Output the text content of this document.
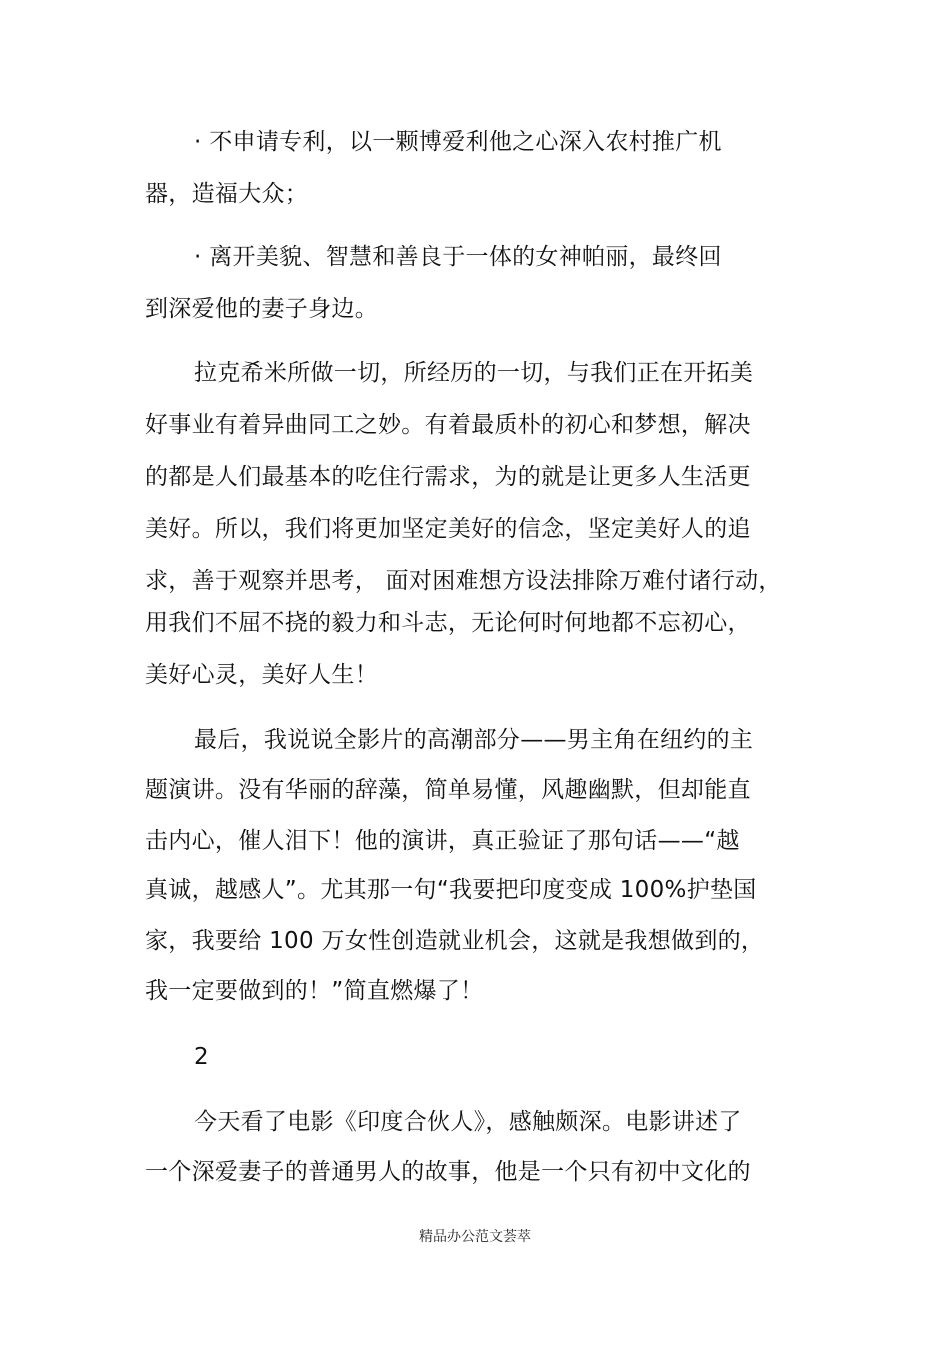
· 不申请专利，以一颗博爱利他之心深入农村推广机
器，造福大众；
· 离开美貌、智慧和善良于一体的女神帕丽，最终回
到深爱他的妻子身边。
拉克希米所做一切，所经历的一切，与我们正在开拓美
好事业有着异曲同工之妙。有着最质朴的初心和梦想，解决
的都是人们最基本的吃住行需求，为的就是让更多人生活更
美好。所以，我们将更加坚定美好的信念，坚定美好人的追
求，善于观察并思考， 面对困难想方设法排除万难付诸行动，
用我们不屈不挠的毅力和斗志，无论何时何地都不忘初心，
美好心灵，美好人生！
最后，我说说全影片的高潮部分——男主角在纽约的主
题演讲。没有华丽的辞藻，简单易懂，风趣幽默，但却能直
击内心，催人泪下！他的演讲，真正验证了那句话——“越
真诚，越感人”。尤其那一句“我要把印度变成 100%护垫国
家，我要给 100 万女性创造就业机会，这就是我想做到的，
我一定要做到的！”简直燃爆了！
2
今天看了电影《印度合伙人》，感触颇深。电影讲述了
一个深爱妻子的普通男人的故事，他是一个只有初中文化的
精品办公范文荟萃
